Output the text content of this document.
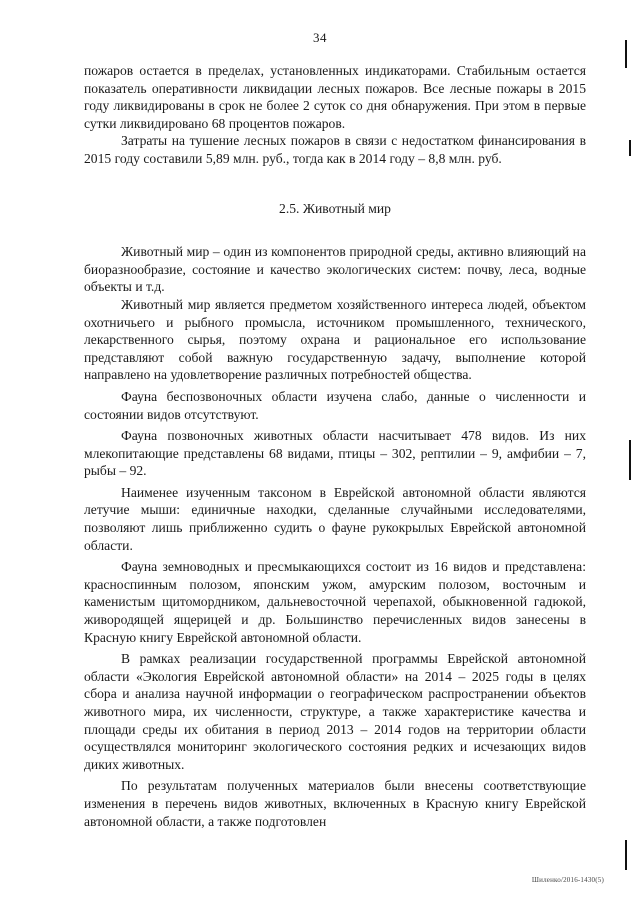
34

пожаров остается в пределах, установленных индикаторами. Стабильным остается показатель оперативности ликвидации лесных пожаров. Все лесные пожары в 2015 году ликвидированы в срок не более 2 суток со дня обнаружения. При этом в первые сутки ликвидировано 68 процентов пожаров.

Затраты на тушение лесных пожаров в связи с недостатком финансирования в 2015 году составили 5,89 млн. руб., тогда как в 2014 году – 8,8 млн. руб.

2.5. Животный мир

Животный мир – один из компонентов природной среды, активно влияющий на биоразнообразие, состояние и качество экологических систем: почву, леса, водные объекты и т.д.

Животный мир является предметом хозяйственного интереса людей, объектом охотничьего и рыбного промысла, источником промышленного, технического, лекарственного сырья, поэтому охрана и рациональное его использование представляют собой важную государственную задачу, выполнение которой направлено на удовлетворение различных потребностей общества.

Фауна беспозвоночных области изучена слабо, данные о численности и состоянии видов отсутствуют.

Фауна позвоночных животных области насчитывает 478 видов. Из них млекопитающие представлены 68 видами, птицы – 302, рептилии – 9, амфибии – 7, рыбы – 92.

Наименее изученным таксоном в Еврейской автономной области являются летучие мыши: единичные находки, сделанные случайными исследователями, позволяют лишь приближенно судить о фауне рукокрылых Еврейской автономной области.

Фауна земноводных и пресмыкающихся состоит из 16 видов и представлена: красноспинным полозом, японским ужом, амурским полозом, восточным и каменистым щитомордником, дальневосточной черепахой, обыкновенной гадюкой, живородящей ящерицей и др. Большинство перечисленных видов занесены в Красную книгу Еврейской автономной области.

В рамках реализации государственной программы Еврейской автономной области «Экология Еврейской автономной области» на 2014 – 2025 годы в целях сбора и анализа научной информации о географическом распространении объектов животного мира, их численности, структуре, а также характеристике качества и площади среды их обитания в период 2013 – 2014 годов на территории области осуществлялся мониторинг экологического состояния редких и исчезающих видов диких животных.

По результатам полученных материалов были внесены соответствующие изменения в перечень видов животных, включенных в Красную книгу Еврейской автономной области, а также подготовлен

Шиленко/2016-1430(5)
